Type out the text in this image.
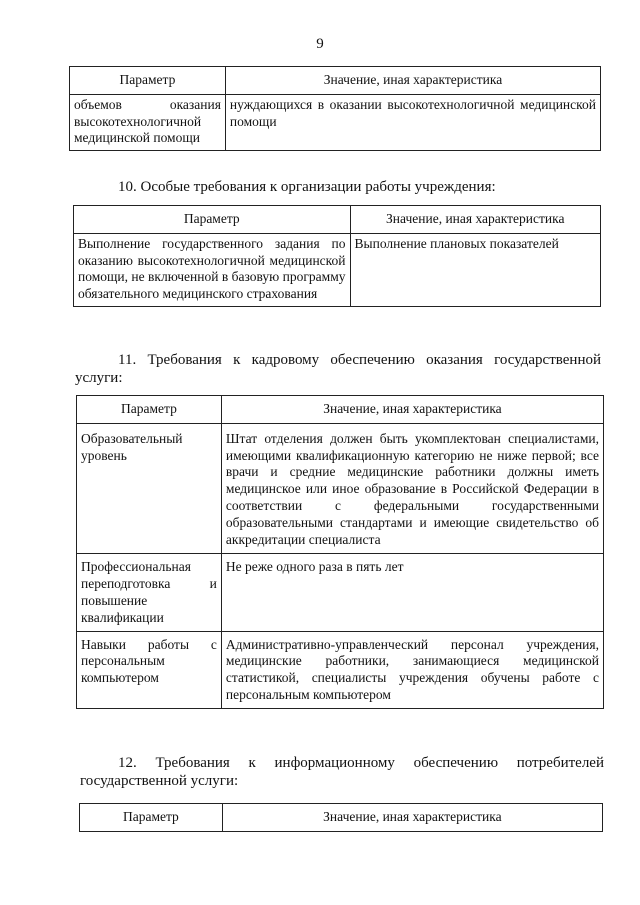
9
Параметр	Значение, иная характеристика
объемов оказания высокотехнологичной медицинской помощи	нуждающихся в оказании высокотехнологичной медицинской помощи
10. Особые требования к организации работы учреждения:
Параметр	Значение, иная характеристика
Выполнение государственного задания по оказанию высокотехнологичной медицинской помощи, не включенной в базовую программу обязательного медицинского страхования	Выполнение плановых показателей
11. Требования к кадровому обеспечению оказания государственной услуги:
Параметр	Значение, иная характеристика
Образовательный уровень	Штат отделения должен быть укомплектован специалистами, имеющими квалификационную категорию не ниже первой; все врачи и средние медицинские работники должны иметь медицинское или иное образование в Российской Федерации в соответствии с федеральными государственными образовательными стандартами и имеющие свидетельство об аккредитации специалиста
Профессиональная переподготовка и повышение квалификации	Не реже одного раза в пять лет
Навыки работы с персональным компьютером	Административно-управленческий персонал учреждения, медицинские работники, занимающиеся медицинской статистикой, специалисты учреждения обучены работе с персональным компьютером
12. Требования к информационному обеспечению потребителей государственной услуги:
Параметр	Значение, иная характеристика
